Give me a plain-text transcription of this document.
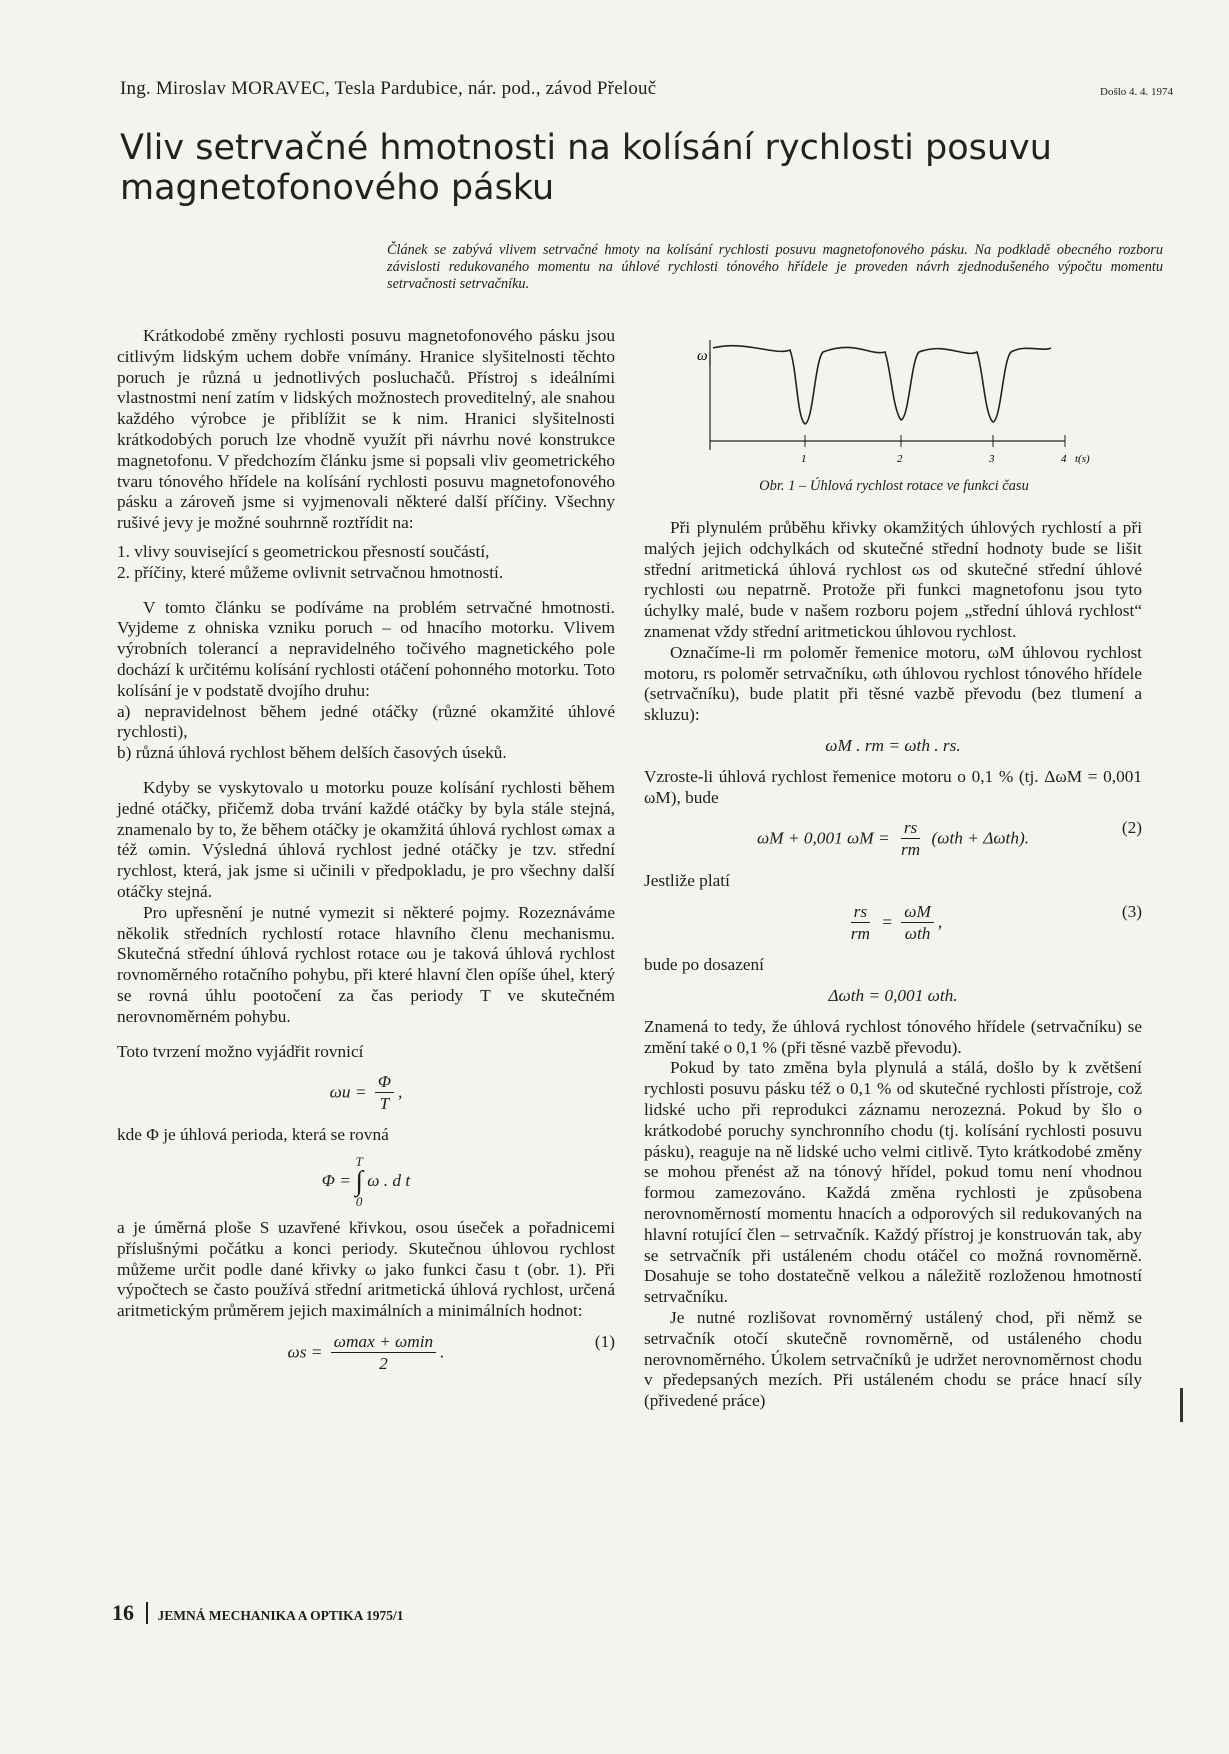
Ing. Miroslav MORAVEC, Tesla Pardubice, nár. pod., závod Přelouč	Došlo 4. 4. 1974
Vliv setrvačné hmotnosti na kolísání rychlosti posuvu magnetofonového pásku

Článek se zabývá vlivem setrvačné hmoty na kolísání rychlosti posuvu magnetofonového pásku. Na podkladě obecného rozboru závislosti redukovaného momentu na úhlové rychlosti tónového hřídele je proveden návrh zjednodušeného výpočtu momentu setrvačnosti setrvačníku.

Krátkodobé změny rychlosti posuvu magnetofonového pásku jsou citlivým lidským uchem dobře vnímány. Hranice slyšitelnosti těchto poruch je různá u jednotlivých posluchačů. Přístroj s ideálními vlastnostmi není zatím v lidských možnostech proveditelný, ale snahou každého výrobce je přiblížit se k nim. Hranici slyšitelnosti krátkodobých poruch lze vhodně využít při návrhu nové konstrukce magnetofonu. V předchozím článku jsme si popsali vliv geometrického tvaru tónového hřídele na kolísání rychlosti posuvu magnetofonového pásku a zároveň jsme si vyjmenovali některé další příčiny. Všechny rušivé jevy je možné souhrnně roztřídit na:

1. vlivy související s geometrickou přesností součástí,

2. příčiny, které můžeme ovlivnit setrvačnou hmotností.

V tomto článku se podíváme na problém setrvačné hmotnosti. Vyjdeme z ohniska vzniku poruch – od hnacího motorku. Vlivem výrobních tolerancí a nepravidelného točivého magnetického pole dochází k určitému kolísání rychlosti otáčení pohonného motorku. Toto kolísání je v podstatě dvojího druhu:

a) nepravidelnost během jedné otáčky (různé okamžité úhlové rychlosti),

b) různá úhlová rychlost během delších časových úseků.

Kdyby se vyskytovalo u motorku pouze kolísání rychlosti během jedné otáčky, přičemž doba trvání každé otáčky by byla stále stejná, znamenalo by to, že během otáčky je okamžitá úhlová rychlost ωmax a též ωmin. Výsledná úhlová rychlost jedné otáčky je tzv. střední rychlost, která, jak jsme si učinili v předpokladu, je pro všechny další otáčky stejná.

Pro upřesnění je nutné vymezit si některé pojmy. Rozeznáváme několik středních rychlostí rotace hlavního členu mechanismu. Skutečná střední úhlová rychlost rotace ωu je taková úhlová rychlost rovnoměrného rotačního pohybu, při které hlavní člen opíše úhel, který se rovná úhlu pootočení za čas periody T ve skutečném nerovnoměrném pohybu.

Toto tvrzení možno vyjádřit rovnicí

$\omega u = \frac{\Phi}{T}$ ,

kde Φ je úhlová perioda, která se rovná

Φ =
T
∫
0
ω . d t

a je úměrná ploše S uzavřené křivkou, osou úseček a pořadnicemi příslušnými počátku a konci periody. Skutečnou úhlovou rychlost můžeme určit podle dané křivky ω jako funkci času t (obr. 1). Při výpočtech se často používá střední aritmetická úhlová rychlost, určená aritmetickým průměrem jejich maximálních a minimálních hodnot:

$\omega s = \frac{\omega\max + \omega\min}{2}$ .
(1)
ω
1	2	3	4 t(s)
Obr. 1 – Úhlová rychlost rotace ve funkci času

Při plynulém průběhu křivky okamžitých úhlových rychlostí a při malých jejich odchylkách od skutečné střední hodnoty bude se lišit střední aritmetická úhlová rychlost ωs od skutečné střední úhlové rychlosti ωu nepatrně. Protože při funkci magnetofonu jsou tyto úchylky malé, bude v našem rozboru pojem „střední úhlová rychlost“ znamenat vždy střední aritmetickou úhlovou rychlost.

Označíme-li rm poloměr řemenice motoru, ωM úhlovou rychlost motoru, rs poloměr setrvačníku, ωth úhlovou rychlost tónového hřídele (setrvačníku), bude platit při těsné vazbě převodu (bez tlumení a skluzu):

ωM . rm = ωth . rs.

Vzroste-li úhlová rychlost řemenice motoru o 0,1 % (tj. ΔωM = 0,001 ωM), bude

ωM + 0,001 $\omega M = \frac{rs}{rm} (\omega th + \Delta\omega th)$.
(2)

Jestliže platí

$\frac{rs}{rm} = \frac{\omega M}{\text{ωth}}$ ,
(3)

bude po dosazení

Δωth = 0,001 ωth.

Znamená to tedy, že úhlová rychlost tónového hřídele (setrvačníku) se změní také o 0,1 % (při těsné vazbě převodu).

Pokud by tato změna byla plynulá a stálá, došlo by k zvětšení rychlosti posuvu pásku též o 0,1 % od skutečné rychlosti přístroje, což lidské ucho při reprodukci záznamu nerozezná. Pokud by šlo o krátkodobé poruchy synchronního chodu (tj. kolísání rychlosti posuvu pásku), reaguje na ně lidské ucho velmi citlivě. Tyto krátkodobé změny se mohou přenést až na tónový hřídel, pokud tomu není vhodnou formou zamezováno. Každá změna rychlosti je způsobena nerovnoměrností momentu hnacích a odporových sil redukovaných na hlavní rotující člen – setrvačník. Každý přístroj je konstruován tak, aby se setrvačník při ustáleném chodu otáčel co možná rovnoměrně. Dosahuje se toho dostatečně velkou a náležitě rozloženou hmotností setrvačníku.

Je nutné rozlišovat rovnoměrný ustálený chod, při němž se setrvačník otočí skutečně rovnoměrně, od ustáleného chodu nerovnoměrného. Úkolem setrvačníků je udržet nerovnoměrnost chodu v předepsaných mezích. Při ustáleném chodu se práce hnací síly (přivedené práce)

16 JEMNÁ MECHANIKA A OPTIKA 1975/1
